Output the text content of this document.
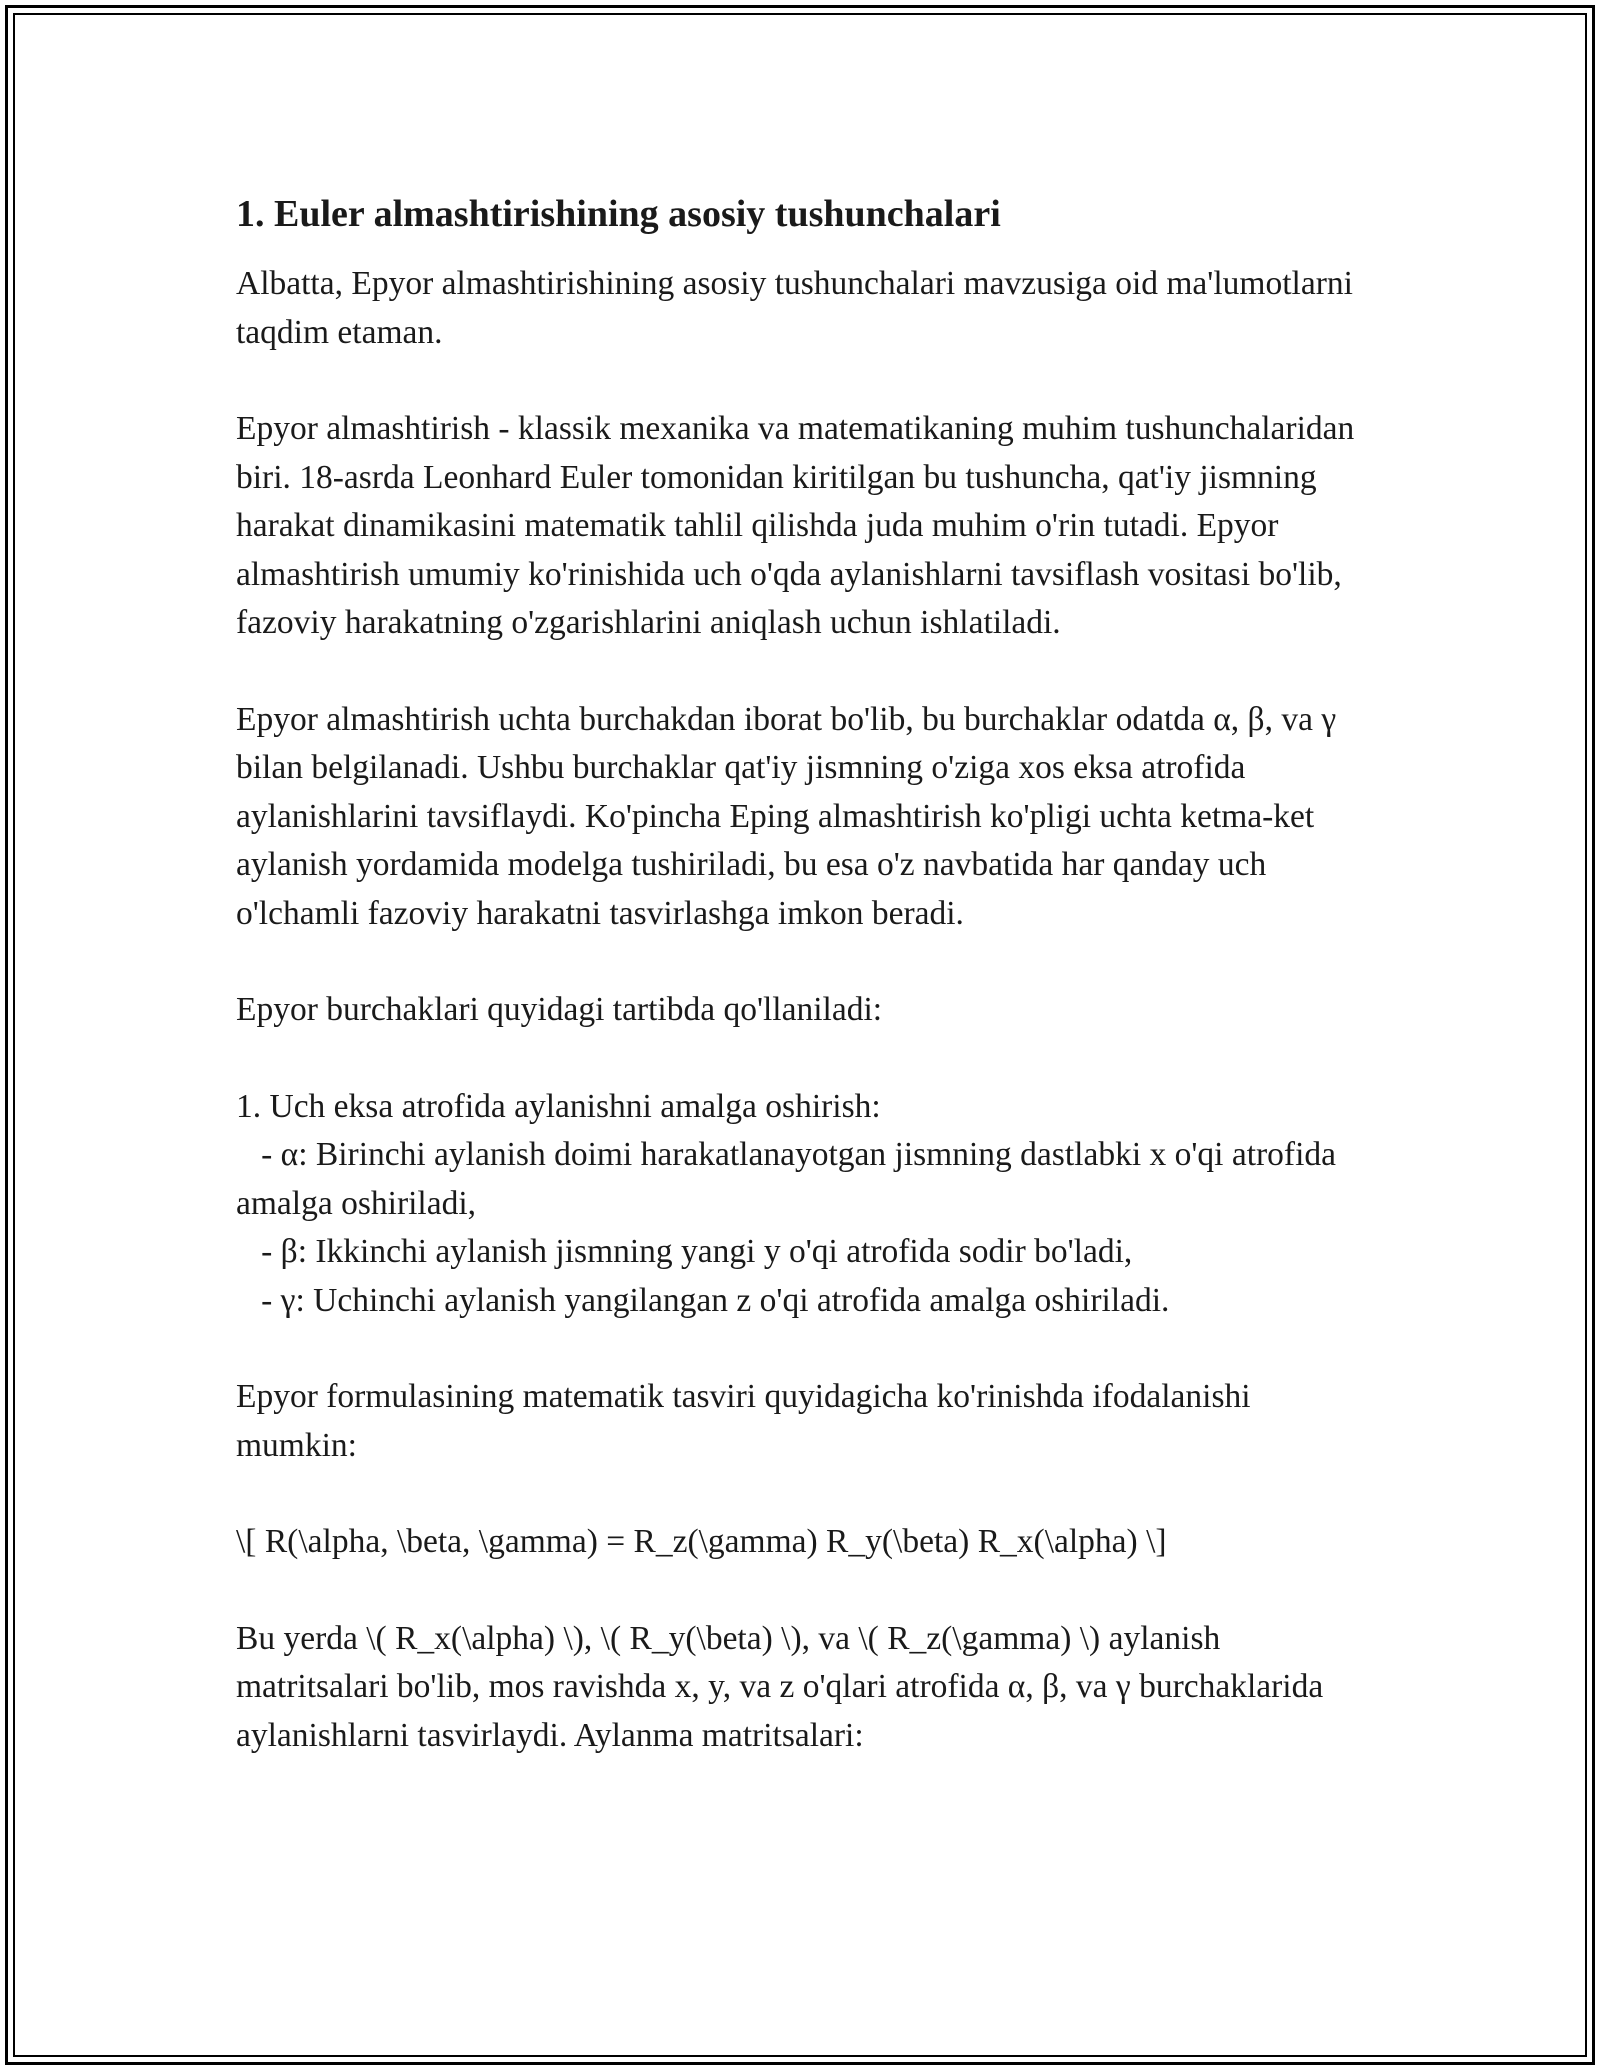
1. Euler almashtirishining asosiy tushunchalari

Albatta, Epyor almashtirishining asosiy tushunchalari mavzusiga oid ma'lumotlarni taqdim etaman.

Epyor almashtirish - klassik mexanika va matematikaning muhim tushunchalaridan biri. 18-asrda Leonhard Euler tomonidan kiritilgan bu tushuncha, qat'iy jismning harakat dinamikasini matematik tahlil qilishda juda muhim o'rin tutadi. Epyor almashtirish umumiy ko'rinishida uch o'qda aylanishlarni tavsiflash vositasi bo'lib, fazoviy harakatning o'zgarishlarini aniqlash uchun ishlatiladi.

Epyor almashtirish uchta burchakdan iborat bo'lib, bu burchaklar odatda α, β, va γ bilan belgilanadi. Ushbu burchaklar qat'iy jismning o'ziga xos eksa atrofida aylanishlarini tavsiflaydi. Ko'pincha Eping almashtirish ko'pligi uchta ketma-ket aylanish yordamida modelga tushiriladi, bu esa o'z navbatida har qanday uch o'lchamli fazoviy harakatni tasvirlashga imkon beradi.

Epyor burchaklari quyidagi tartibda qo'llaniladi:

1. Uch eksa atrofida aylanishni amalga oshirish:
- α: Birinchi aylanish doimi harakatlanayotgan jismning dastlabki x o'qi atrofida amalga oshiriladi,
- β: Ikkinchi aylanish jismning yangi y o'qi atrofida sodir bo'ladi,
- γ: Uchinchi aylanish yangilangan z o'qi atrofida amalga oshiriladi.

Epyor formulasining matematik tasviri quyidagicha ko'rinishda ifodalanishi mumkin:

\[ R(\alpha, \beta, \gamma) = R_z(\gamma) R_y(\beta) R_x(\alpha) \]

Bu yerda \( R_x(\alpha) \), \( R_y(\beta) \), va \( R_z(\gamma) \) aylanish matritsalari bo'lib, mos ravishda x, y, va z o'qlari atrofida α, β, va γ burchaklarida aylanishlarni tasvirlaydi. Aylanma matritsalari:
